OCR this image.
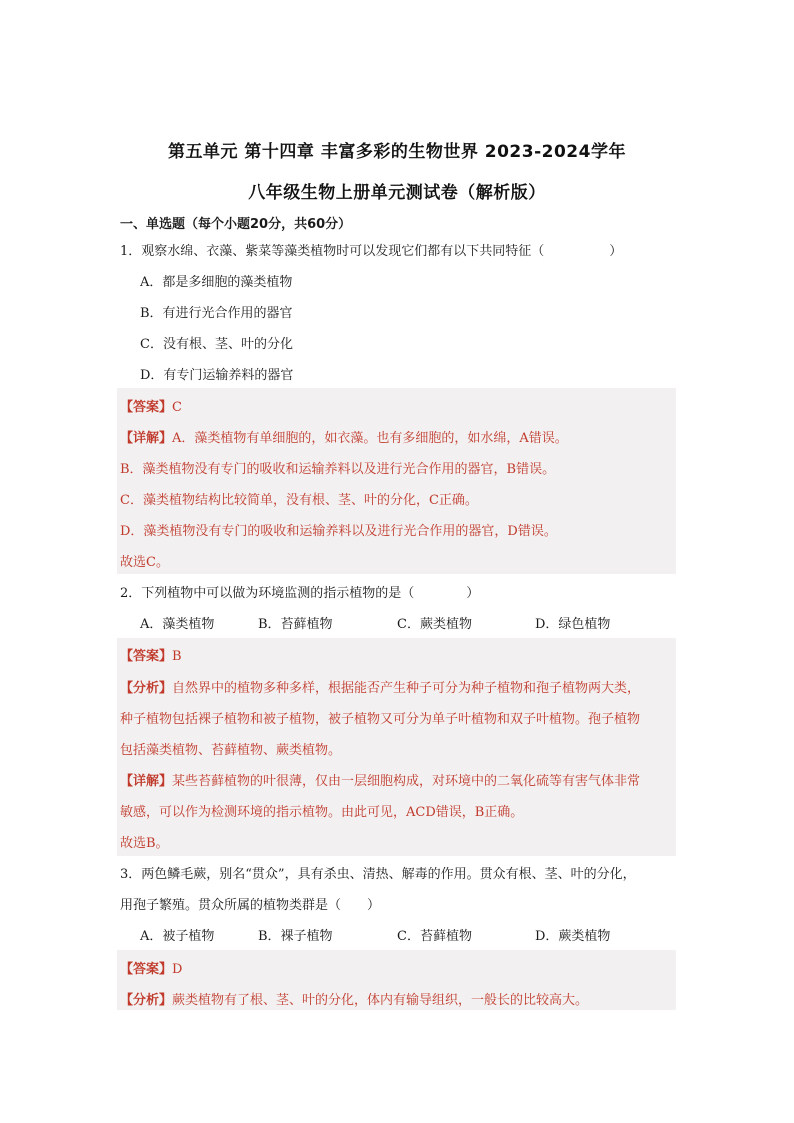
第五单元 第十四章 丰富多彩的生物世界 2023-2024学年
八年级生物上册单元测试卷（解析版）
一、单选题（每个小题20分，共60分）
1．观察水绵、衣藻、紫菜等藻类植物时可以发现它们都有以下共同特征（　　　　　）
A．都是多细胞的藻类植物
B．有进行光合作用的器官
C．没有根、茎、叶的分化
D．有专门运输养料的器官
【答案】C
【详解】A．藻类植物有单细胞的，如衣藻。也有多细胞的，如水绵，A错误。
B．藻类植物没有专门的吸收和运输养料以及进行光合作用的器官，B错误。
C．藻类植物结构比较简单，没有根、茎、叶的分化，C正确。
D．藻类植物没有专门的吸收和运输养料以及进行光合作用的器官，D错误。
故选C。
2．下列植物中可以做为环境监测的指示植物的是（　　　　）
A．藻类植物	B．苔藓植物	C．蕨类植物	D．绿色植物
【答案】B
【分析】自然界中的植物多种多样，根据能否产生种子可分为种子植物和孢子植物两大类，
种子植物包括裸子植物和被子植物，被子植物又可分为单子叶植物和双子叶植物。孢子植物
包括藻类植物、苔藓植物、蕨类植物。
【详解】某些苔藓植物的叶很薄，仅由一层细胞构成，对环境中的二氧化硫等有害气体非常
敏感，可以作为检测环境的指示植物。由此可见，ACD错误，B正确。
故选B。
3．两色鳞毛蕨，别名“贯众”，具有杀虫、清热、解毒的作用。贯众有根、茎、叶的分化，
用孢子繁殖。贯众所属的植物类群是（　　）
A．被子植物	B．裸子植物	C．苔藓植物	D．蕨类植物
【答案】D
【分析】蕨类植物有了根、茎、叶的分化，体内有输导组织，一般长的比较高大。
